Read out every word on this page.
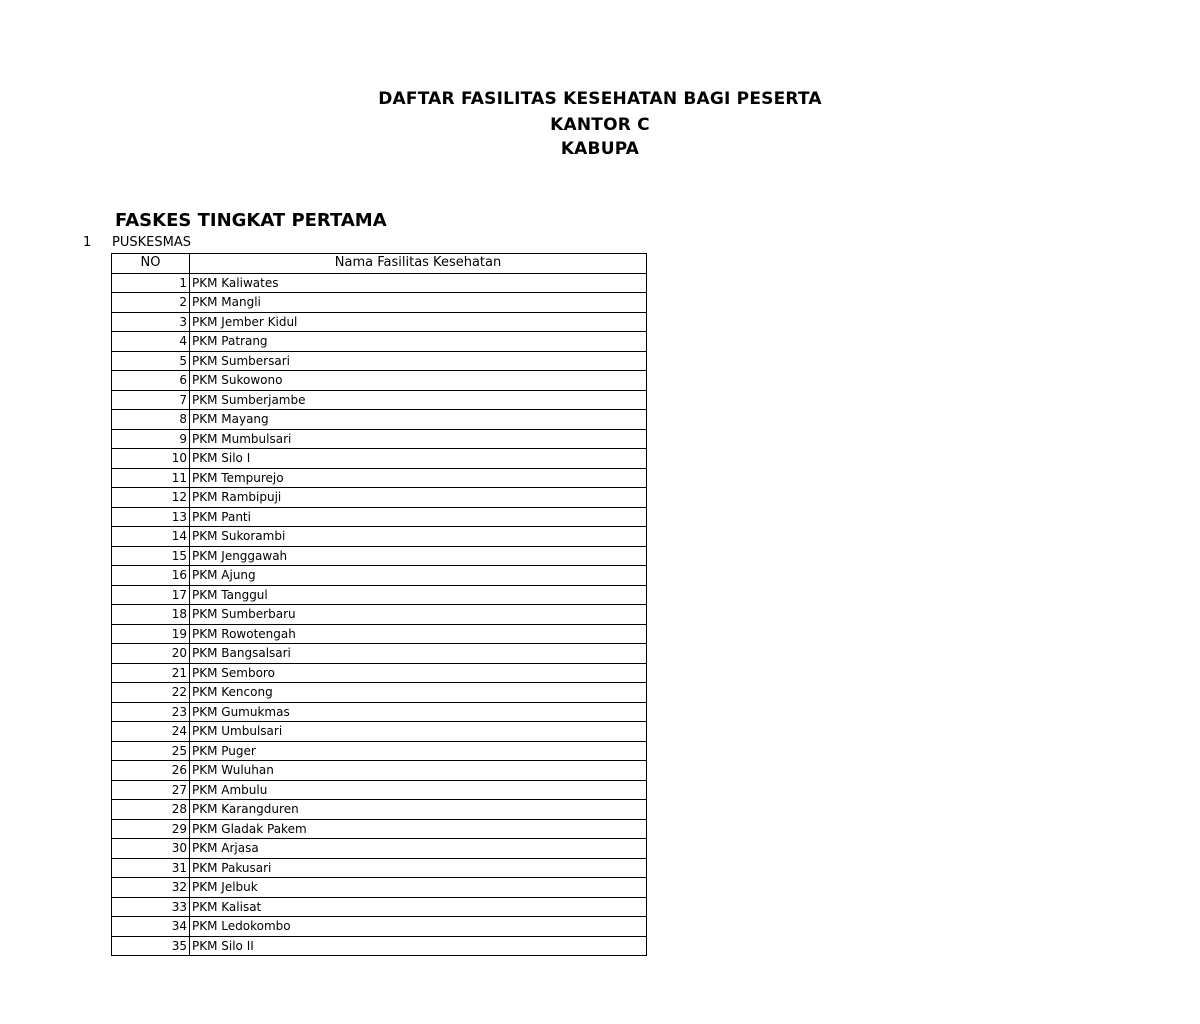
DAFTAR FASILITAS KESEHATAN BAGI PESERTA
KANTOR C
KABUPA
FASKES TINGKAT PERTAMA
1 PUSKESMAS
NO	Nama Fasilitas Kesehatan
1	PKM Kaliwates
2	PKM Mangli
3	PKM Jember Kidul
4	PKM Patrang
5	PKM Sumbersari
6	PKM Sukowono
7	PKM Sumberjambe
8	PKM Mayang
9	PKM Mumbulsari
10	PKM Silo I
11	PKM Tempurejo
12	PKM Rambipuji
13	PKM Panti
14	PKM Sukorambi
15	PKM Jenggawah
16	PKM Ajung
17	PKM Tanggul
18	PKM Sumberbaru
19	PKM Rowotengah
20	PKM Bangsalsari
21	PKM Semboro
22	PKM Kencong
23	PKM Gumukmas
24	PKM Umbulsari
25	PKM Puger
26	PKM Wuluhan
27	PKM Ambulu
28	PKM Karangduren
29	PKM Gladak Pakem
30	PKM Arjasa
31	PKM Pakusari
32	PKM Jelbuk
33	PKM Kalisat
34	PKM Ledokombo
35	PKM Silo II
